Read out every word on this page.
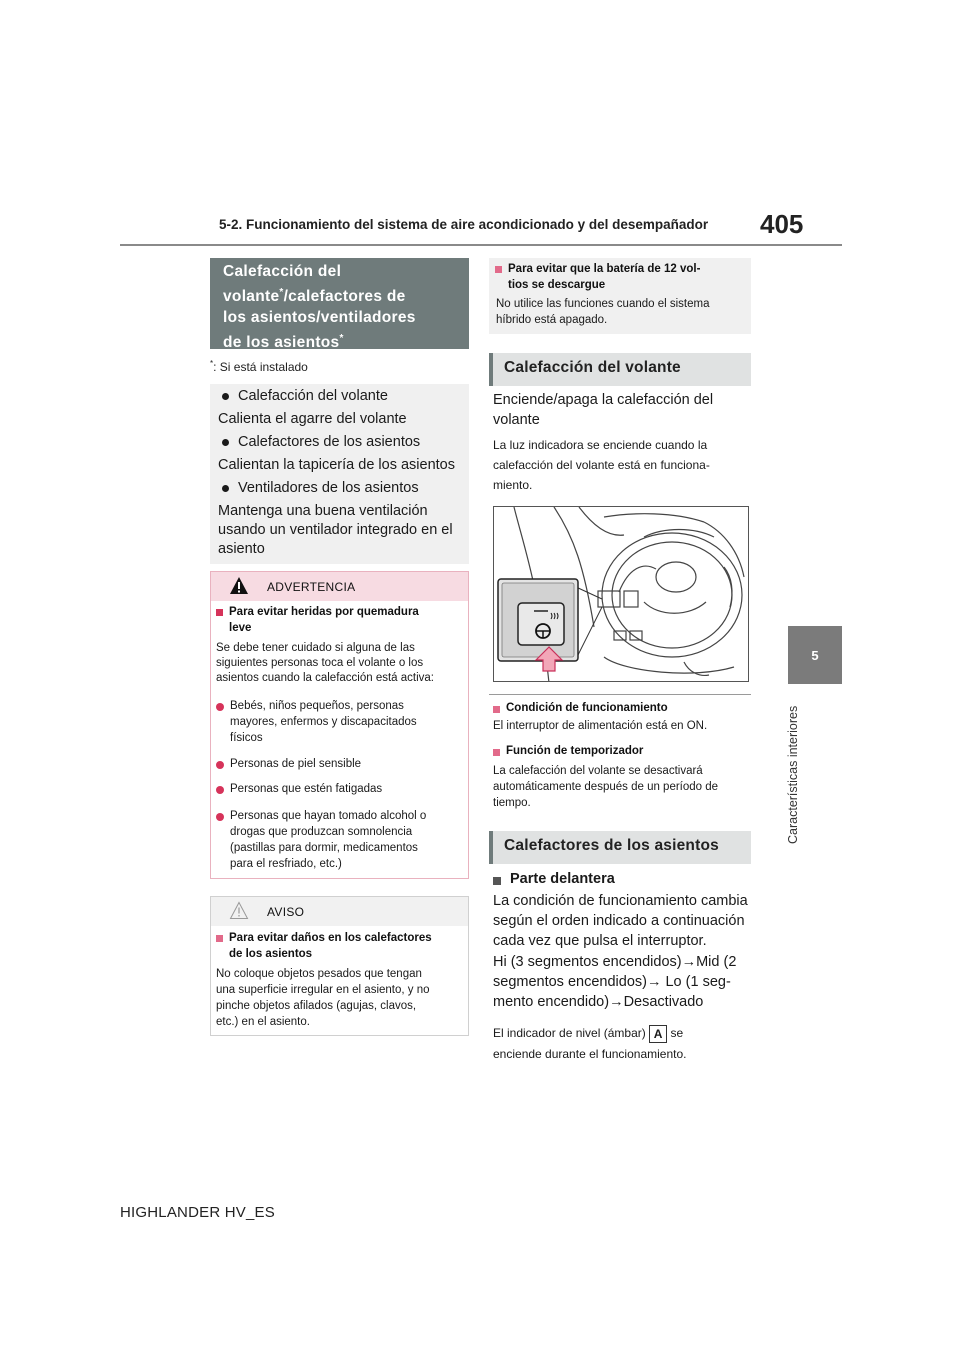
5-2. Funcionamiento del sistema de aire acondicionado y del desempañador 405
5
Características interiores
Calefacción del
volante*/calefactores de
los asientos/ventiladores
de los asientos*
*: Si está instalado
Calefacción del volante
Calienta el agarre del volante
Calefactores de los asientos
Calientan la tapicería de los asientos
Ventiladores de los asientos
Mantenga una buena ventilación
usando un ventilador integrado en el
asiento
ADVERTENCIA
Para evitar heridas por quemadura
leve
Se debe tener cuidado si alguna de las
siguientes personas toca el volante o los
asientos cuando la calefacción está activa:
Bebés, niños pequeños, personas
mayores, enfermos y discapacitados
físicos
Personas de piel sensible
Personas que estén fatigadas
Personas que hayan tomado alcohol o
drogas que produzcan somnolencia
(pastillas para dormir, medicamentos
para el resfriado, etc.)
AVISO
Para evitar daños en los calefactores
de los asientos
No coloque objetos pesados que tengan
una superficie irregular en el asiento, y no
pinche objetos afilados (agujas, clavos,
etc.) en el asiento.
Para evitar que la batería de 12 vol-
tios se descargue
No utilice las funciones cuando el sistema
híbrido está apagado.
Calefacción del volante
Enciende/apaga la calefacción del
volante
La luz indicadora se enciende cuando la
calefacción del volante está en funciona-
miento.
Condición de funcionamiento
El interruptor de alimentación está en ON.
Función de temporizador
La calefacción del volante se desactivará
automáticamente después de un período de
tiempo.
Calefactores de los asientos
Parte delantera
La condición de funcionamiento cambia
según el orden indicado a continuación
cada vez que pulsa el interruptor.
Hi (3 segmentos encendidos)→Mid (2
segmentos encendidos)→ Lo (1 seg-
mento encendido)→Desactivado
El indicador de nivel (ámbar) A se
enciende durante el funcionamiento.
HIGHLANDER HV_ES
